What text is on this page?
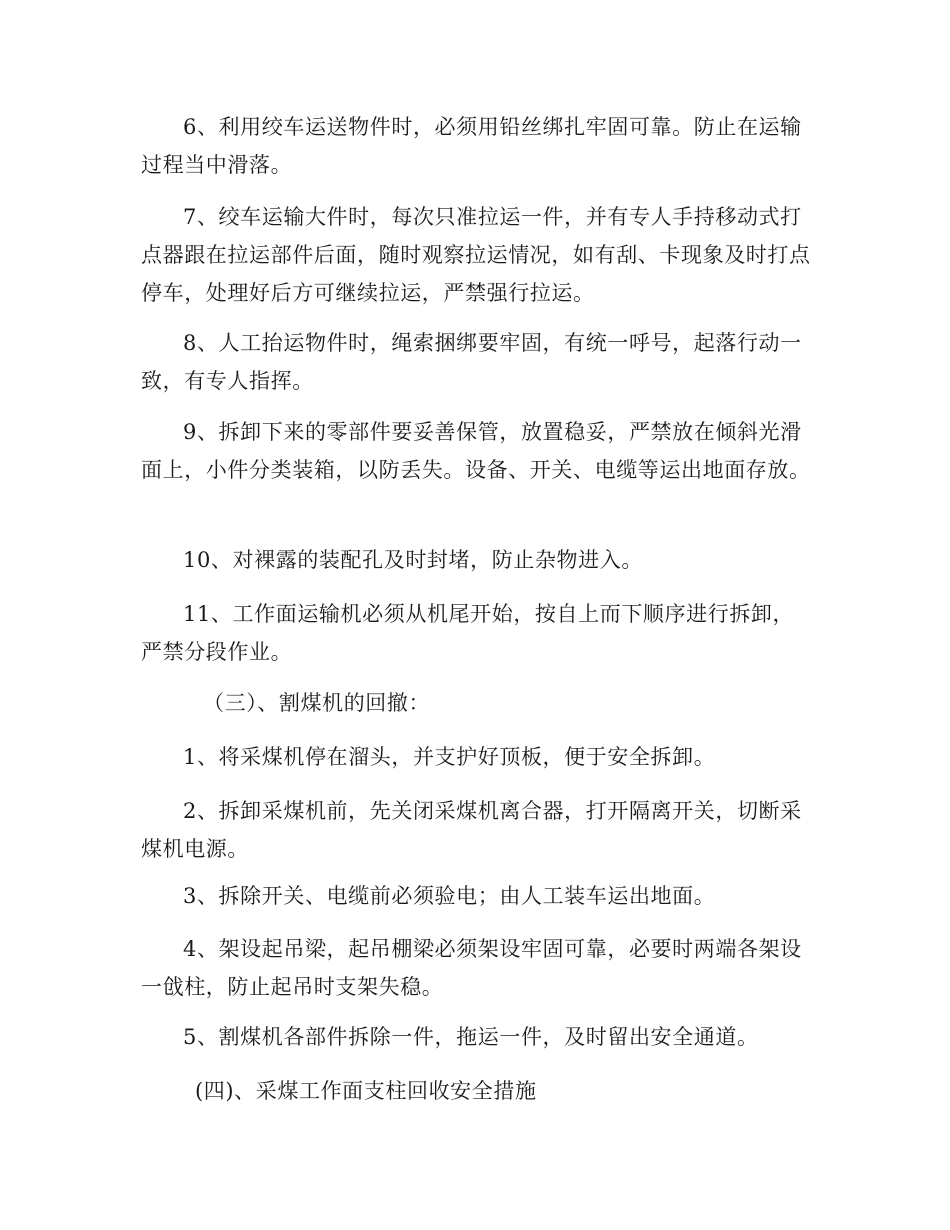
6、利用绞车运送物件时，必须用铅丝绑扎牢固可靠。防止在运输过程当中滑落。

7、绞车运输大件时，每次只准拉运一件，并有专人手持移动式打点器跟在拉运部件后面，随时观察拉运情况，如有刮、卡现象及时打点停车，处理好后方可继续拉运，严禁强行拉运。

8、人工抬运物件时，绳索捆绑要牢固，有统一呼号，起落行动一致，有专人指挥。

9、拆卸下来的零部件要妥善保管，放置稳妥，严禁放在倾斜光滑面上，小件分类装箱，以防丢失。设备、开关、电缆等运出地面存放。

10、对裸露的装配孔及时封堵，防止杂物进入。

11、工作面运输机必须从机尾开始，按自上而下顺序进行拆卸，严禁分段作业。

（三）、割煤机的回撤：

1、将采煤机停在溜头，并支护好顶板，便于安全拆卸。

2、拆卸采煤机前，先关闭采煤机离合器，打开隔离开关，切断采煤机电源。

3、拆除开关、电缆前必须验电；由人工装车运出地面。

4、架设起吊梁，起吊棚梁必须架设牢固可靠，必要时两端各架设一戗柱，防止起吊时支架失稳。

5、割煤机各部件拆除一件，拖运一件，及时留出安全通道。

(四)、采煤工作面支柱回收安全措施
